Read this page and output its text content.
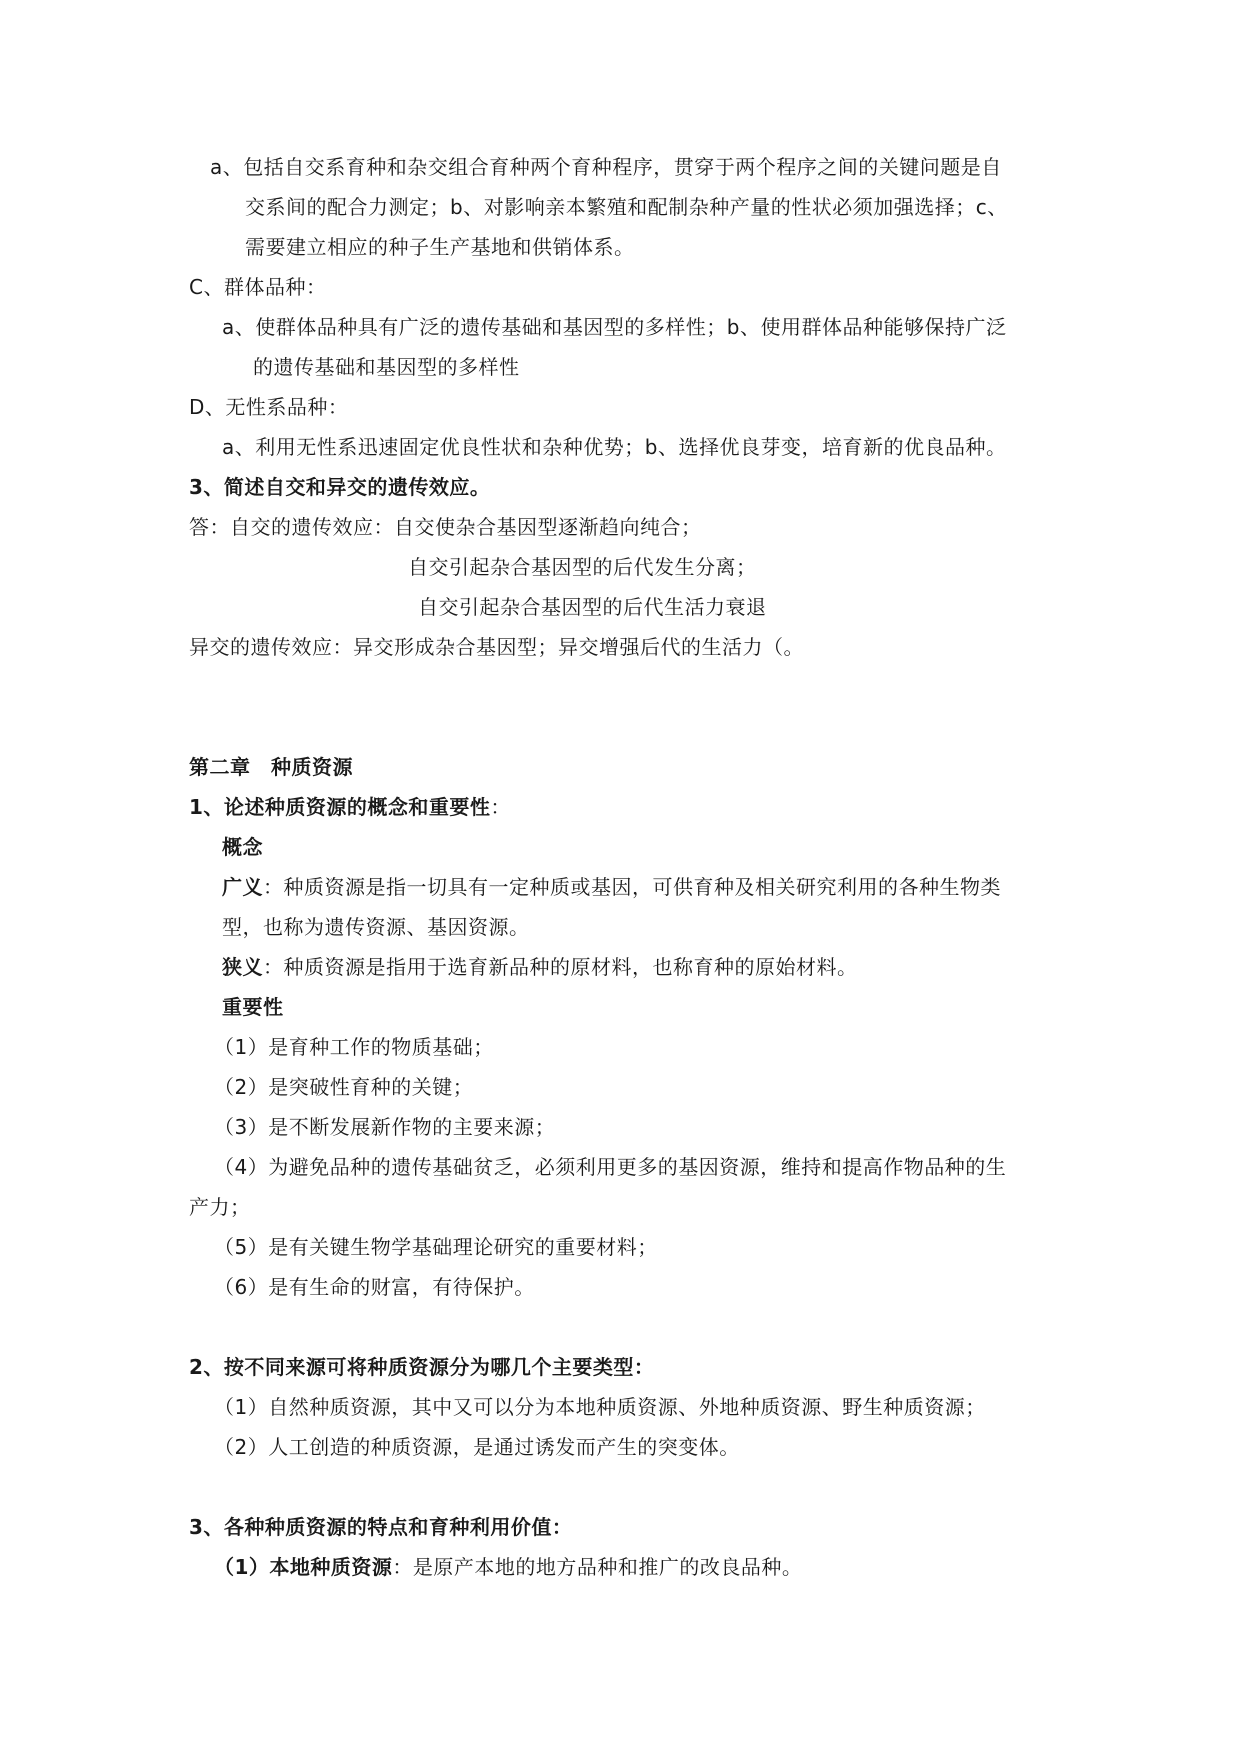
a、包括自交系育种和杂交组合育种两个育种程序，贯穿于两个程序之间的关键问题是自
交系间的配合力测定；b、对影响亲本繁殖和配制杂种产量的性状必须加强选择；c、
需要建立相应的种子生产基地和供销体系。
C、群体品种：
a、使群体品种具有广泛的遗传基础和基因型的多样性；b、使用群体品种能够保持广泛
的遗传基础和基因型的多样性
D、无性系品种：
a、利用无性系迅速固定优良性状和杂种优势；b、选择优良芽变，培育新的优良品种。
3、简述自交和异交的遗传效应。
答：自交的遗传效应：自交使杂合基因型逐渐趋向纯合；
自交引起杂合基因型的后代发生分离；
自交引起杂合基因型的后代生活力衰退
异交的遗传效应：异交形成杂合基因型；异交增强后代的生活力（。
第二章　种质资源
1、论述种质资源的概念和重要性：
概念
广义：种质资源是指一切具有一定种质或基因，可供育种及相关研究利用的各种生物类
型，也称为遗传资源、基因资源。
狭义：种质资源是指用于选育新品种的原材料，也称育种的原始材料。
重要性
（1）是育种工作的物质基础；
（2）是突破性育种的关键；
（3）是不断发展新作物的主要来源；
（4）为避免品种的遗传基础贫乏，必须利用更多的基因资源，维持和提高作物品种的生
产力；
（5）是有关键生物学基础理论研究的重要材料；
（6）是有生命的财富，有待保护。
2、按不同来源可将种质资源分为哪几个主要类型：
（1）自然种质资源，其中又可以分为本地种质资源、外地种质资源、野生种质资源；
（2）人工创造的种质资源，是通过诱发而产生的突变体。
3、各种种质资源的特点和育种利用价值：
（1）本地种质资源：是原产本地的地方品种和推广的改良品种。
